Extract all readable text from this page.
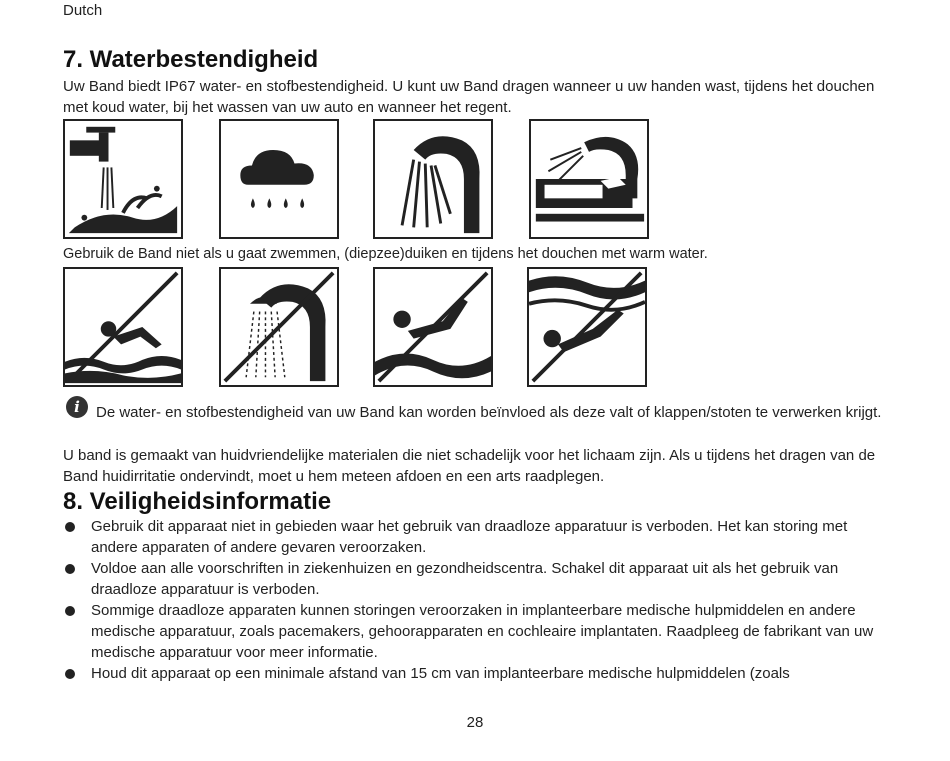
Dutch
7. Waterbestendigheid
Uw Band biedt IP67 water- en stofbestendigheid. U kunt uw Band dragen wanneer u uw handen wast, tijdens het douchen met koud water, bij het wassen van uw auto en wanneer het regent.
Gebruik de Band niet als u gaat zwemmen, (diepzee)duiken en tijdens het douchen met warm water.
i	De water- en stofbestendigheid van uw Band kan worden beïnvloed als deze valt of klappen/stoten te verwerken krijgt.
U band is gemaakt van huidvriendelijke materialen die niet schadelijk voor het lichaam zijn. Als u tijdens het dragen van de Band huidirritatie ondervindt, moet u hem meteen afdoen en een arts raadplegen.
8. Veiligheidsinformatie
Gebruik dit apparaat niet in gebieden waar het gebruik van draadloze apparatuur is verboden. Het kan storing met andere apparaten of andere gevaren veroorzaken.
Voldoe aan alle voorschriften in ziekenhuizen en gezondheidscentra. Schakel dit apparaat uit als het gebruik van draadloze apparatuur is verboden.
Sommige draadloze apparaten kunnen storingen veroorzaken in implanteerbare medische hulpmiddelen en andere medische apparatuur, zoals pacemakers, gehoorapparaten en cochleaire implantaten. Raadpleeg de fabrikant van uw medische apparatuur voor meer informatie.
Houd dit apparaat op een minimale afstand van 15 cm van implanteerbare medische hulpmiddelen (zoals
28
